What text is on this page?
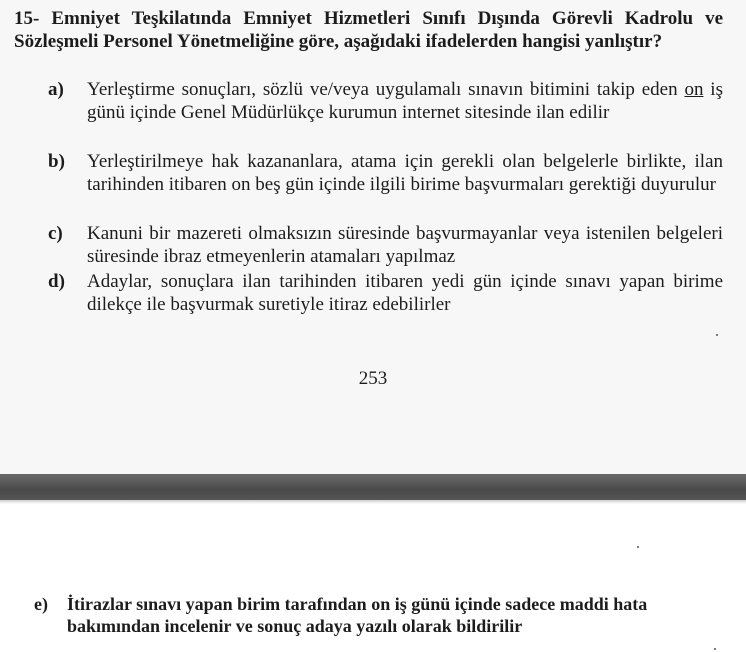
15- Emniyet Teşkilatında Emniyet Hizmetleri Sınıfı Dışında Görevli Kadrolu ve Sözleşmeli Personel Yönetmeliğine göre, aşağıdaki ifadelerden hangisi yanlıştır?
a) Yerleştirme sonuçları, sözlü ve/veya uygulamalı sınavın bitimini takip eden on iş günü içinde Genel Müdürlükçe kurumun internet sitesinde ilan edilir
b) Yerleştirilmeye hak kazananlara, atama için gerekli olan belgelerle birlikte, ilan tarihinden itibaren on beş gün içinde ilgili birime başvurmaları gerektiği duyurulur
c) Kanuni bir mazereti olmaksızın süresinde başvurmayanlar veya istenilen belgeleri süresinde ibraz etmeyenlerin atamaları yapılmaz
d) Adaylar, sonuçlara ilan tarihinden itibaren yedi gün içinde sınavı yapan birime dilekçe ile başvurmak suretiyle itiraz edebilirler
253
e) İtirazlar sınavı yapan birim tarafından on iş günü içinde sadece maddi hata bakımından incelenir ve sonuç adaya yazılı olarak bildirilir
